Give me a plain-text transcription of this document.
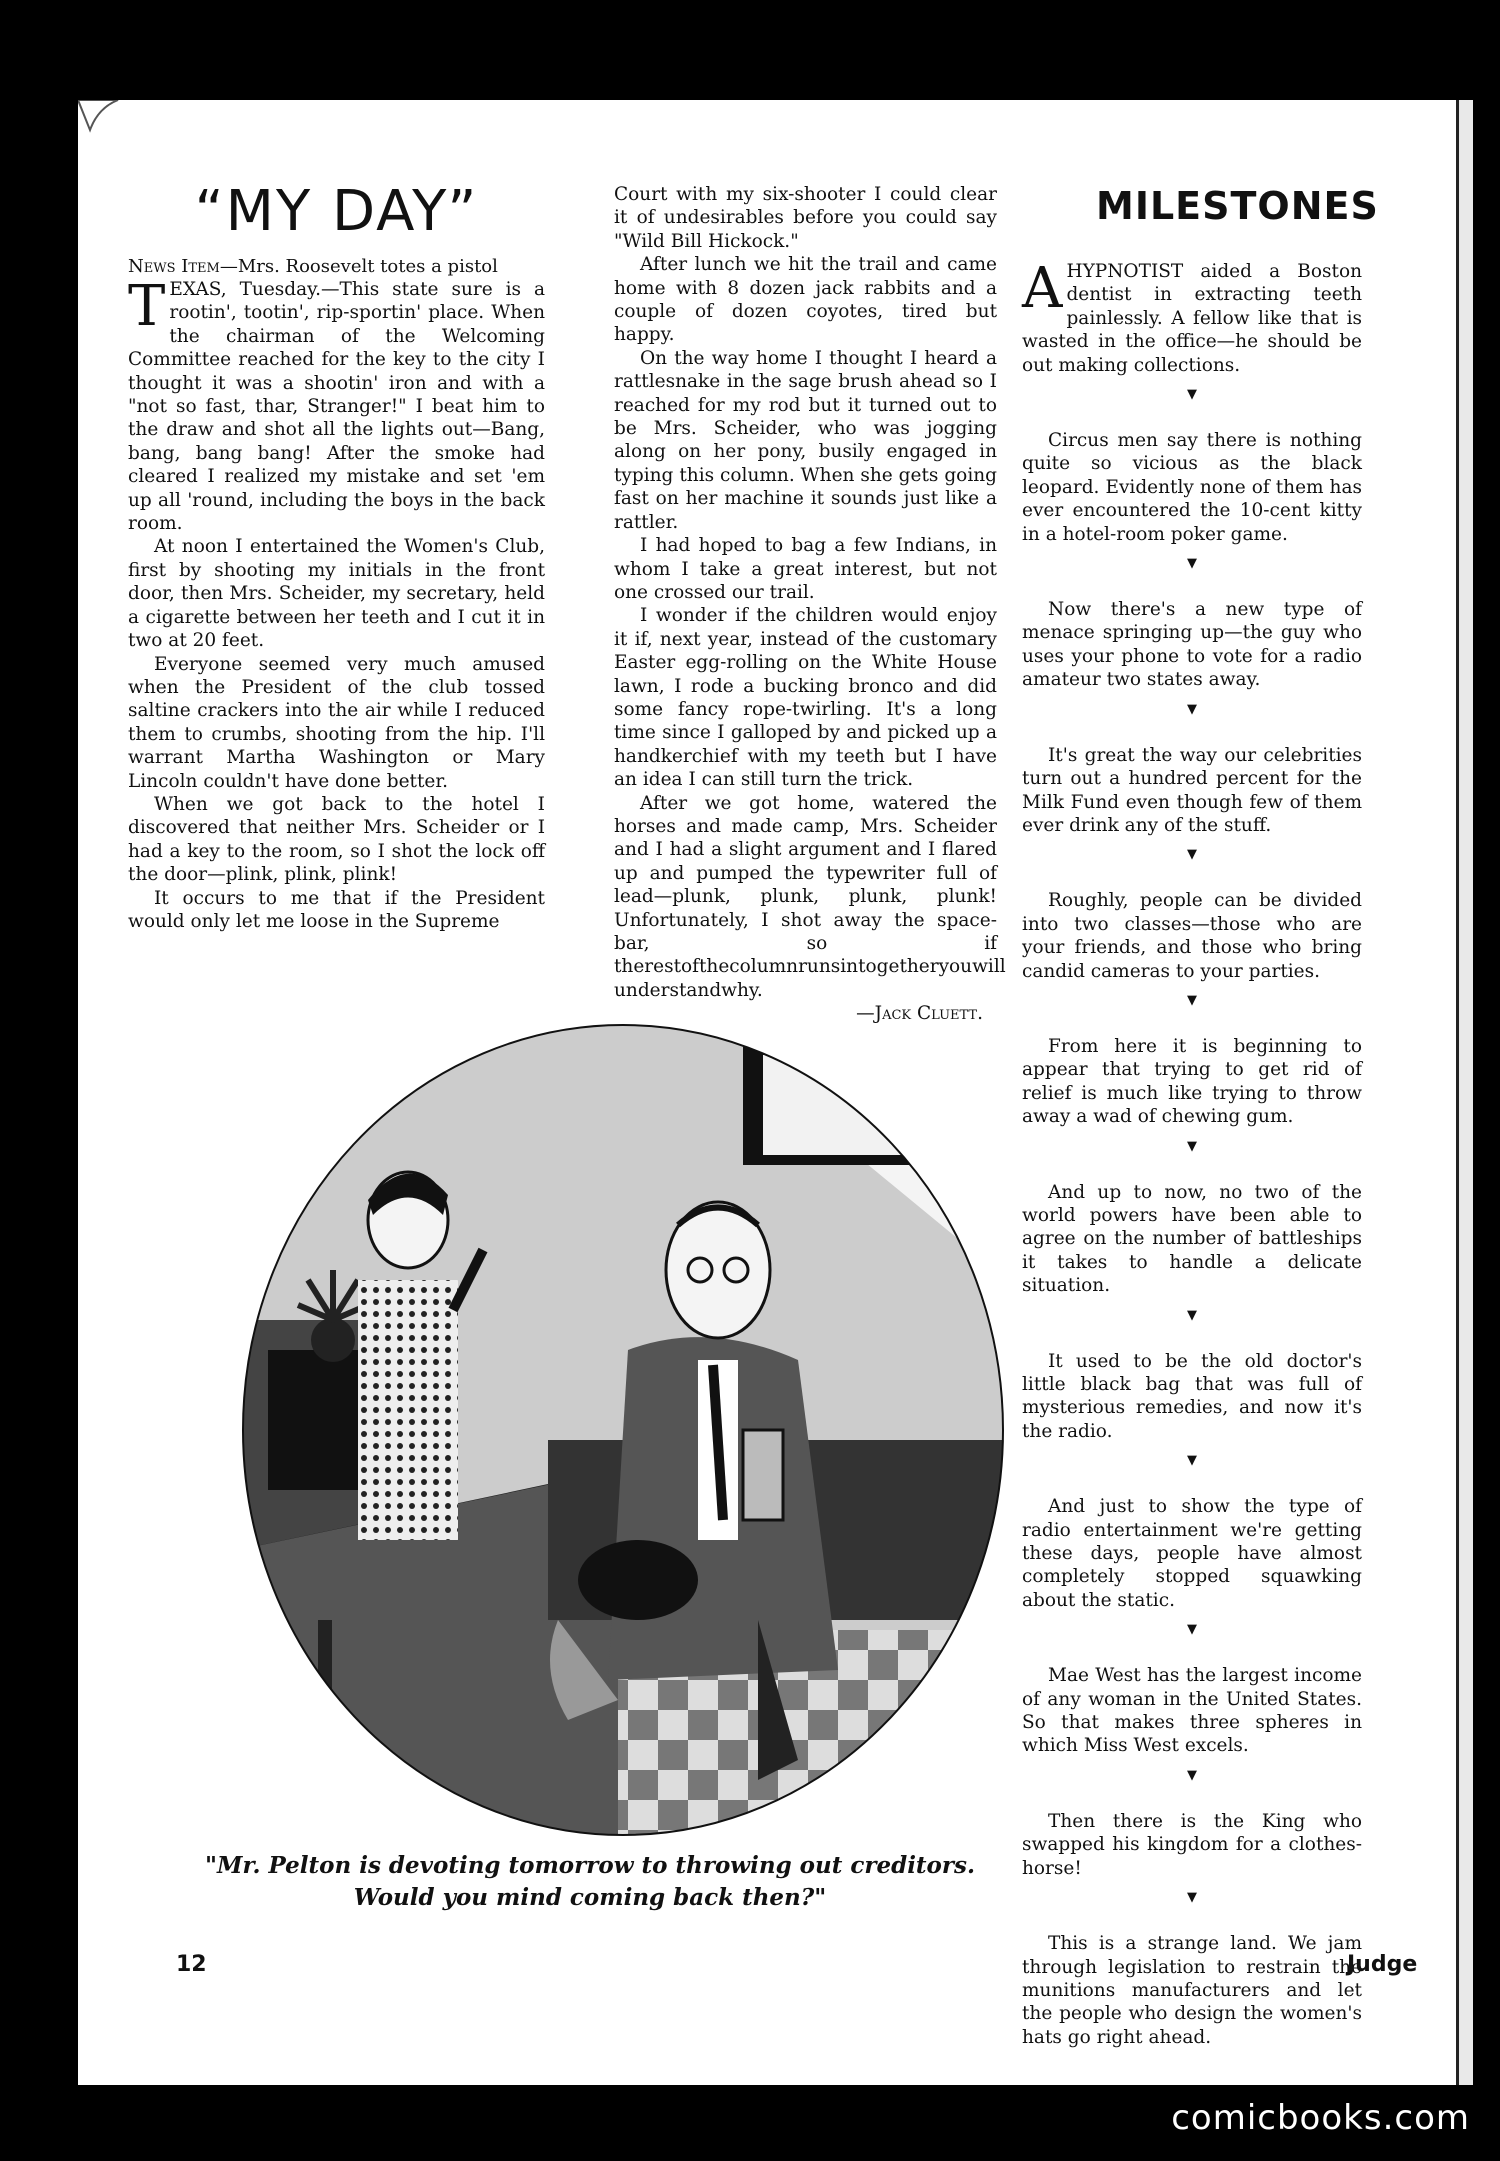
“MY DAY”

News Item—Mrs. Roosevelt totes a pistol

TEXAS, Tuesday.—This state sure is a rootin', tootin', rip-sportin' place. When the chairman of the Welcoming Committee reached for the key to the city I thought it was a shootin' iron and with a "not so fast, thar, Stranger!" I beat him to the draw and shot all the lights out—Bang, bang, bang bang! After the smoke had cleared I realized my mistake and set 'em up all 'round, including the boys in the back room.

At noon I entertained the Women's Club, first by shooting my initials in the front door, then Mrs. Scheider, my secretary, held a cigarette between her teeth and I cut it in two at 20 feet.

Everyone seemed very much amused when the President of the club tossed saltine crackers into the air while I reduced them to crumbs, shooting from the hip. I'll warrant Martha Washington or Mary Lincoln couldn't have done better.

When we got back to the hotel I discovered that neither Mrs. Scheider or I had a key to the room, so I shot the lock off the door—plink, plink, plink!

It occurs to me that if the President would only let me loose in the Supreme

Court with my six-shooter I could clear it of undesirables before you could say "Wild Bill Hickock."

After lunch we hit the trail and came home with 8 dozen jack rabbits and a couple of dozen coyotes, tired but happy.

On the way home I thought I heard a rattlesnake in the sage brush ahead so I reached for my rod but it turned out to be Mrs. Scheider, who was jogging along on her pony, busily engaged in typing this column. When she gets going fast on her machine it sounds just like a rattler.

I had hoped to bag a few Indians, in whom I take a great interest, but not one crossed our trail.

I wonder if the children would enjoy it if, next year, instead of the customary Easter egg-rolling on the White House lawn, I rode a bucking bronco and did some fancy rope-twirling. It's a long time since I galloped by and picked up a handkerchief with my teeth but I have an idea I can still turn the trick.

After we got home, watered the horses and made camp, Mrs. Scheider and I had a slight argument and I flared up and pumped the typewriter full of lead—plunk, plunk, plunk, plunk! Unfortunately, I shot away the space-bar, so if therestofthecolumnrunsintogetheryouwill understandwhy.

—Jack Cluett.

MILESTONES

AHYPNOTIST aided a Boston dentist in extracting teeth painlessly. A fellow like that is wasted in the office—he should be out making collections.

▼

Circus men say there is nothing quite so vicious as the black leopard. Evidently none of them has ever encountered the 10-cent kitty in a hotel-room poker game.

▼

Now there's a new type of menace springing up—the guy who uses your phone to vote for a radio amateur two states away.

▼

It's great the way our celebrities turn out a hundred percent for the Milk Fund even though few of them ever drink any of the stuff.

▼

Roughly, people can be divided into two classes—those who are your friends, and those who bring candid cameras to your parties.

▼

From here it is beginning to appear that trying to get rid of relief is much like trying to throw away a wad of chewing gum.

▼

And up to now, no two of the world powers have been able to agree on the number of battleships it takes to handle a delicate situation.

▼

It used to be the old doctor's little black bag that was full of mysterious remedies, and now it's the radio.

▼

And just to show the type of radio entertainment we're getting these days, people have almost completely stopped squawking about the static.

▼

Mae West has the largest income of any woman in the United States. So that makes three spheres in which Miss West excels.

▼

Then there is the King who swapped his kingdom for a clothes-horse!

▼

This is a strange land. We jam through legislation to restrain the munitions manufacturers and let the people who design the women's hats go right ahead.

"Mr. Pelton is devoting tomorrow to throwing out creditors.
Would you mind coming back then?"
12	Judge
comicbooks.com
